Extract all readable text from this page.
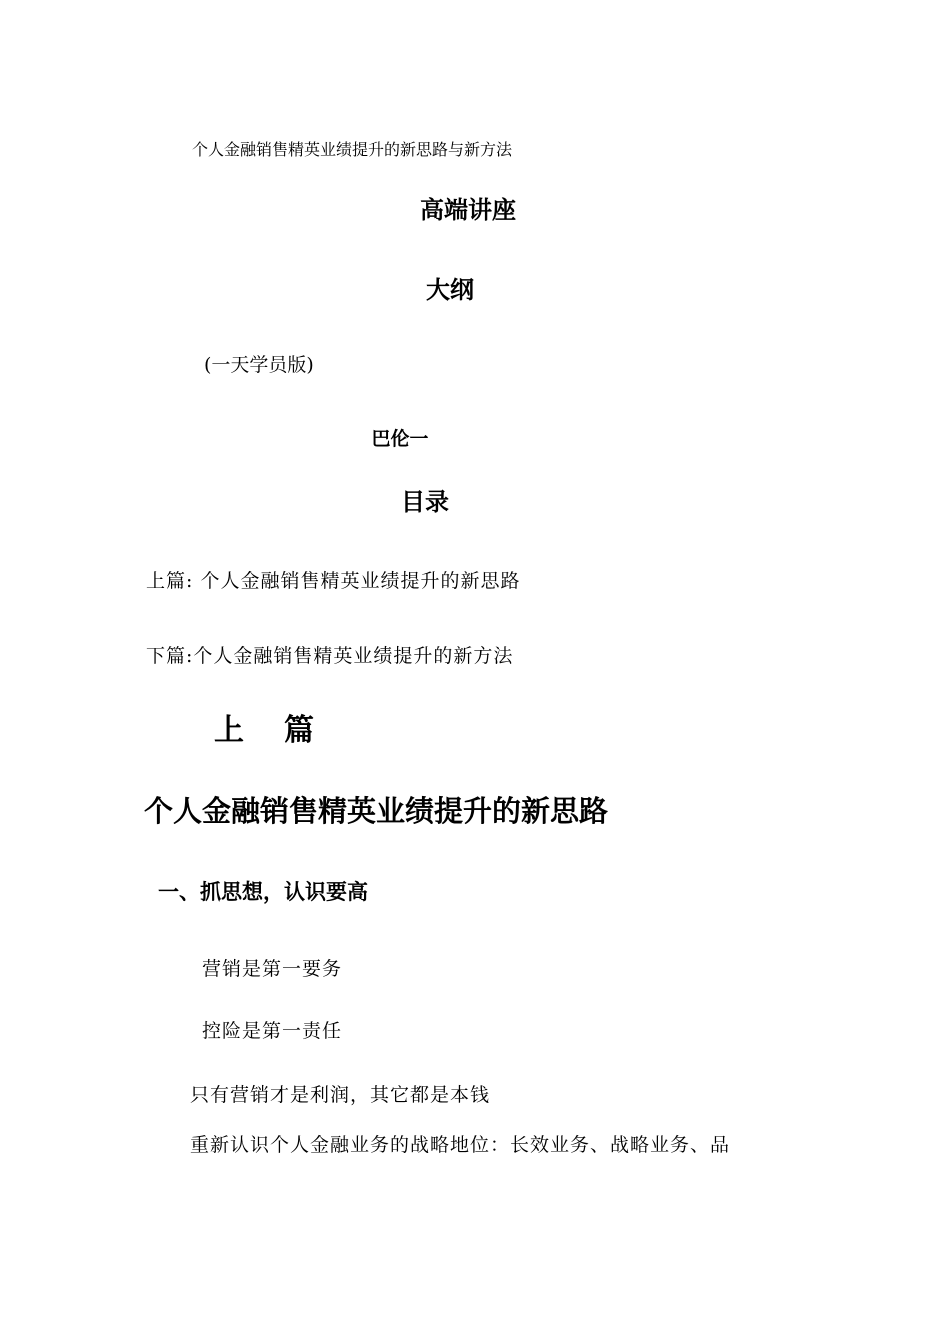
个人金融销售精英业绩提升的新思路与新方法
高端讲座
大纲
(一天学员版)
巴伦一
目录
上篇: 个人金融销售精英业绩提升的新思路
下篇:个人金融销售精英业绩提升的新方法
上 篇
个人金融销售精英业绩提升的新思路
一、抓思想，认识要高
营销是第一要务
控险是第一责任
只有营销才是利润，其它都是本钱
重新认识个人金融业务的战略地位：长效业务、战略业务、品
